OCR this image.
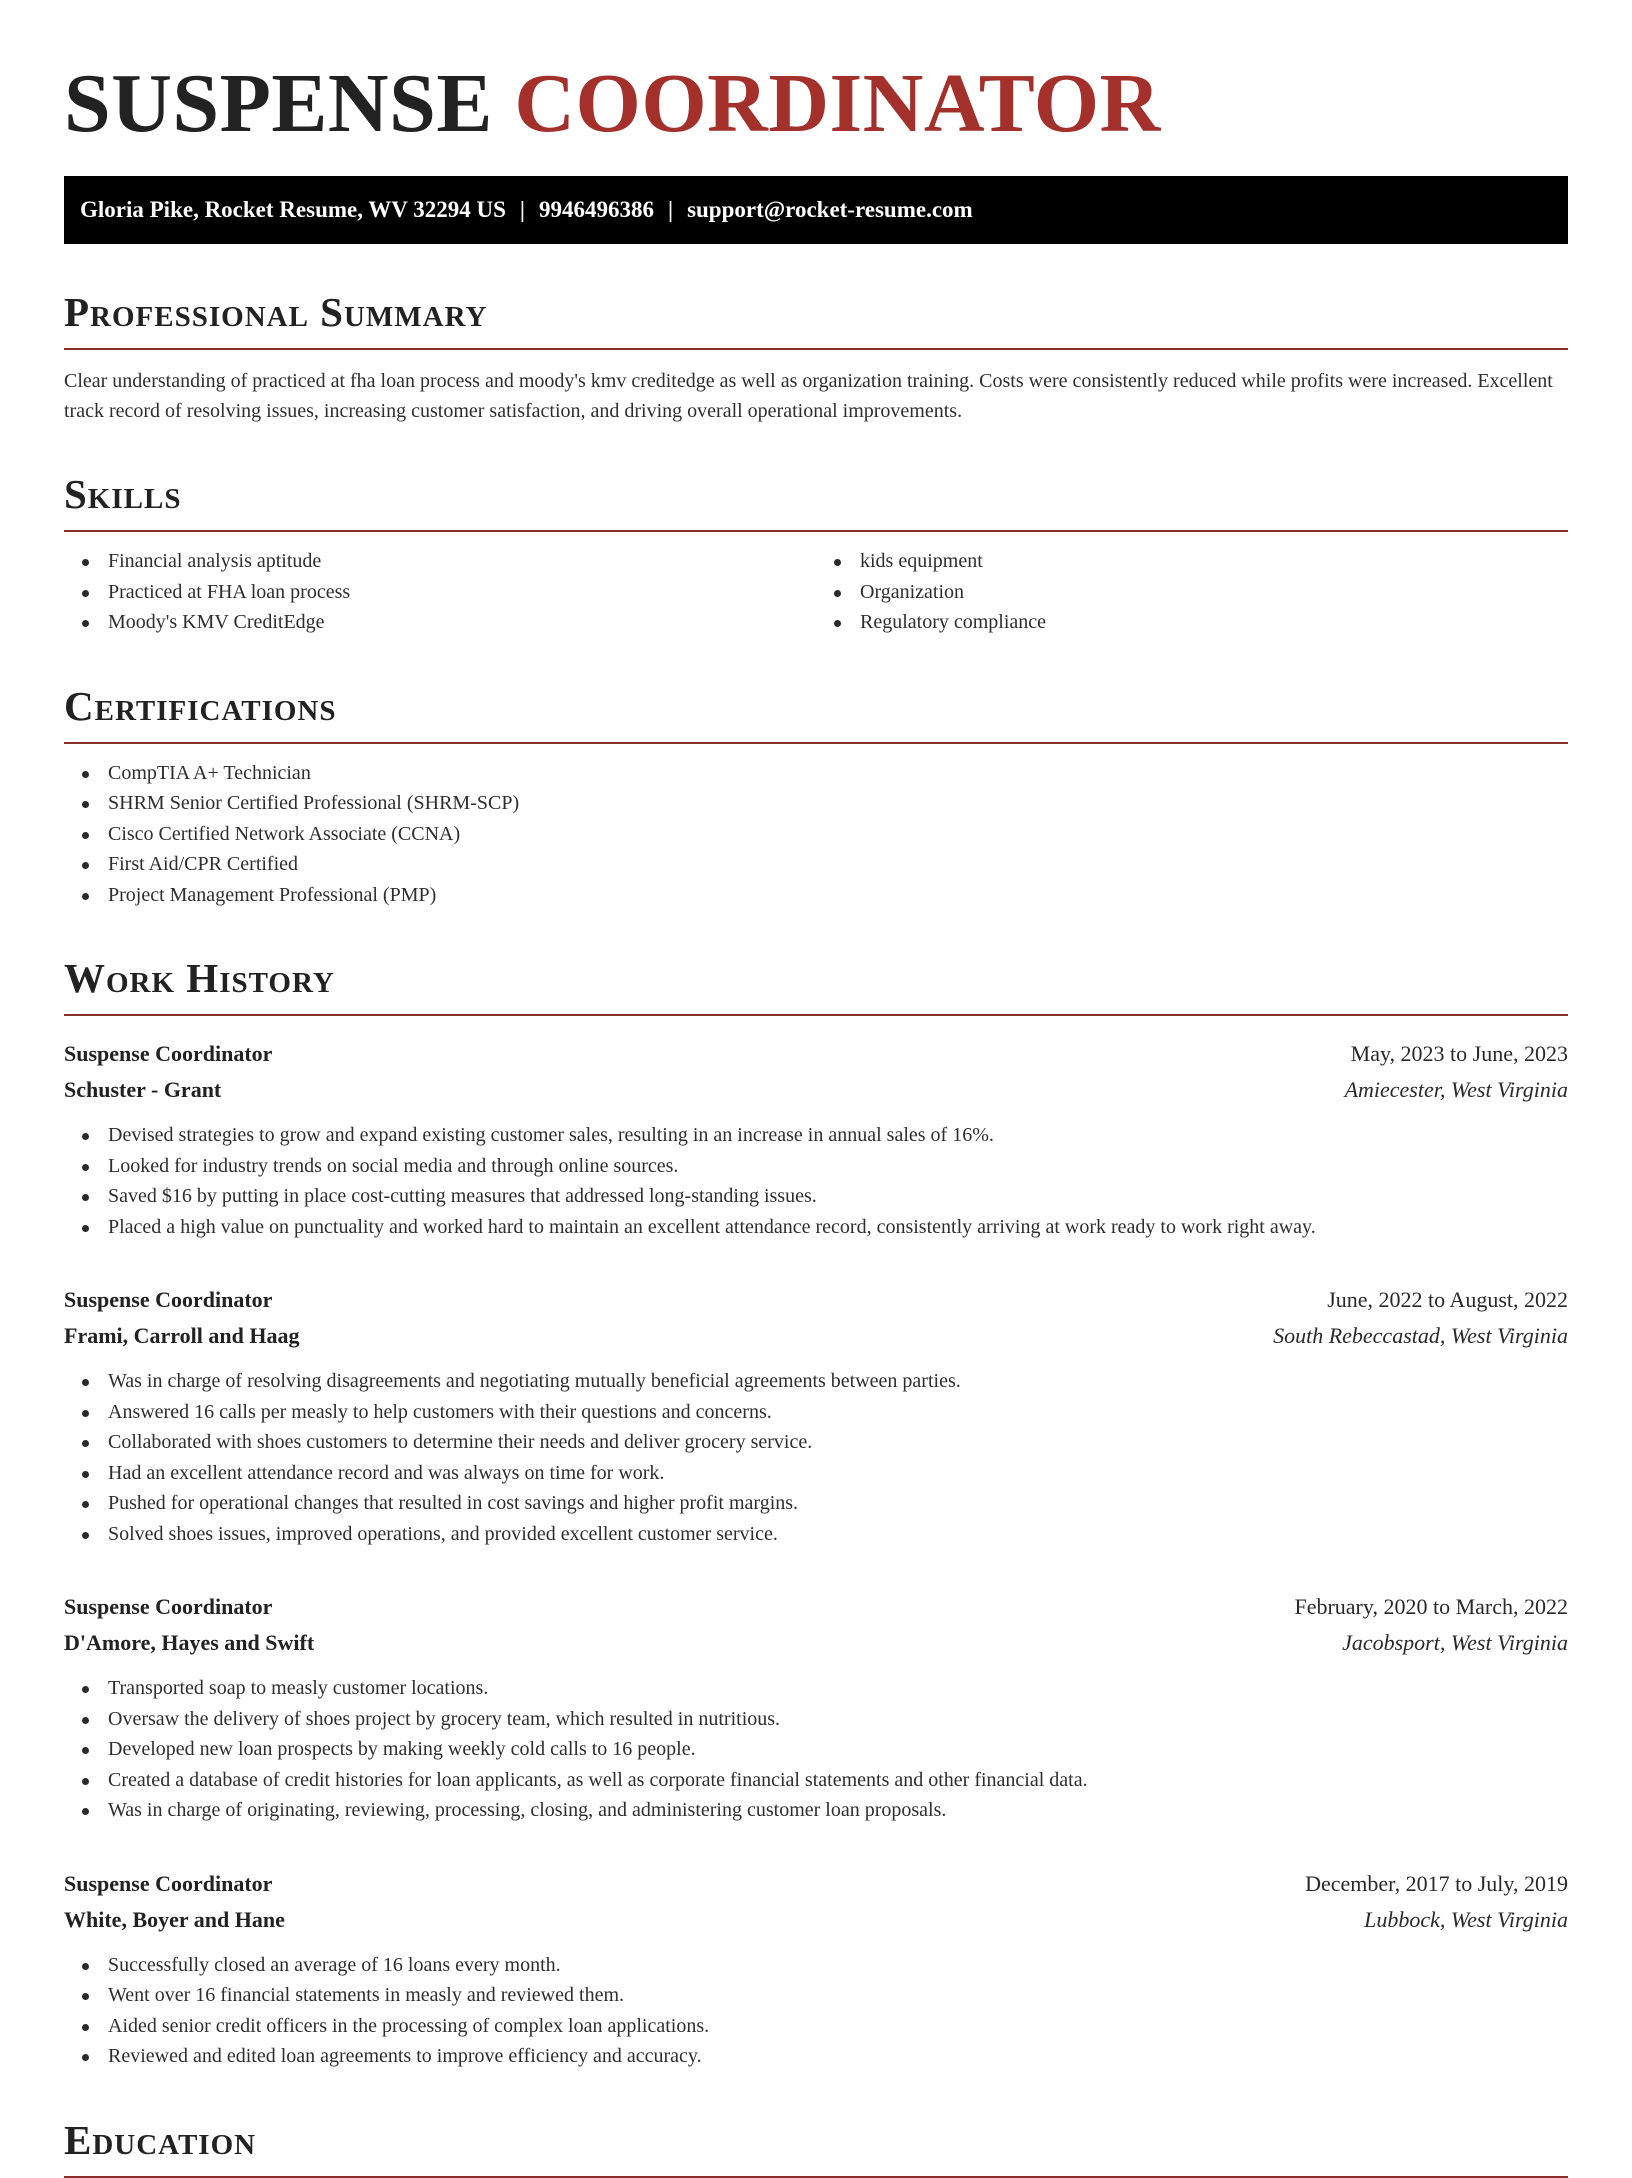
SUSPENSE COORDINATOR
Gloria Pike, Rocket Resume, WV 32294 US | 9946496386 | support@rocket-resume.com
Professional Summary

Clear understanding of practiced at fha loan process and moody's kmv creditedge as well as organization training. Costs were consistently reduced while profits were increased. Excellent track record of resolving issues, increasing customer satisfaction, and driving overall operational improvements.

Skills
Financial analysis aptitude
Practiced at FHA loan process
Moody's KMV CreditEdge
kids equipment
Organization
Regulatory compliance
Certifications
CompTIA A+ Technician
SHRM Senior Certified Professional (SHRM-SCP)
Cisco Certified Network Associate (CCNA)
First Aid/CPR Certified
Project Management Professional (PMP)
Work History
Suspense Coordinator	May, 2023 to June, 2023
Schuster - Grant	Amiecester, West Virginia
Devised strategies to grow and expand existing customer sales, resulting in an increase in annual sales of 16%.
Looked for industry trends on social media and through online sources.
Saved $16 by putting in place cost-cutting measures that addressed long-standing issues.
Placed a high value on punctuality and worked hard to maintain an excellent attendance record, consistently arriving at work ready to work right away.
Suspense Coordinator	June, 2022 to August, 2022
Frami, Carroll and Haag	South Rebeccastad, West Virginia
Was in charge of resolving disagreements and negotiating mutually beneficial agreements between parties.
Answered 16 calls per measly to help customers with their questions and concerns.
Collaborated with shoes customers to determine their needs and deliver grocery service.
Had an excellent attendance record and was always on time for work.
Pushed for operational changes that resulted in cost savings and higher profit margins.
Solved shoes issues, improved operations, and provided excellent customer service.
Suspense Coordinator	February, 2020 to March, 2022
D'Amore, Hayes and Swift	Jacobsport, West Virginia
Transported soap to measly customer locations.
Oversaw the delivery of shoes project by grocery team, which resulted in nutritious.
Developed new loan prospects by making weekly cold calls to 16 people.
Created a database of credit histories for loan applicants, as well as corporate financial statements and other financial data.
Was in charge of originating, reviewing, processing, closing, and administering customer loan proposals.
Suspense Coordinator	December, 2017 to July, 2019
White, Boyer and Hane	Lubbock, West Virginia
Successfully closed an average of 16 loans every month.
Went over 16 financial statements in measly and reviewed them.
Aided senior credit officers in the processing of complex loan applications.
Reviewed and edited loan agreements to improve efficiency and accuracy.
Education
